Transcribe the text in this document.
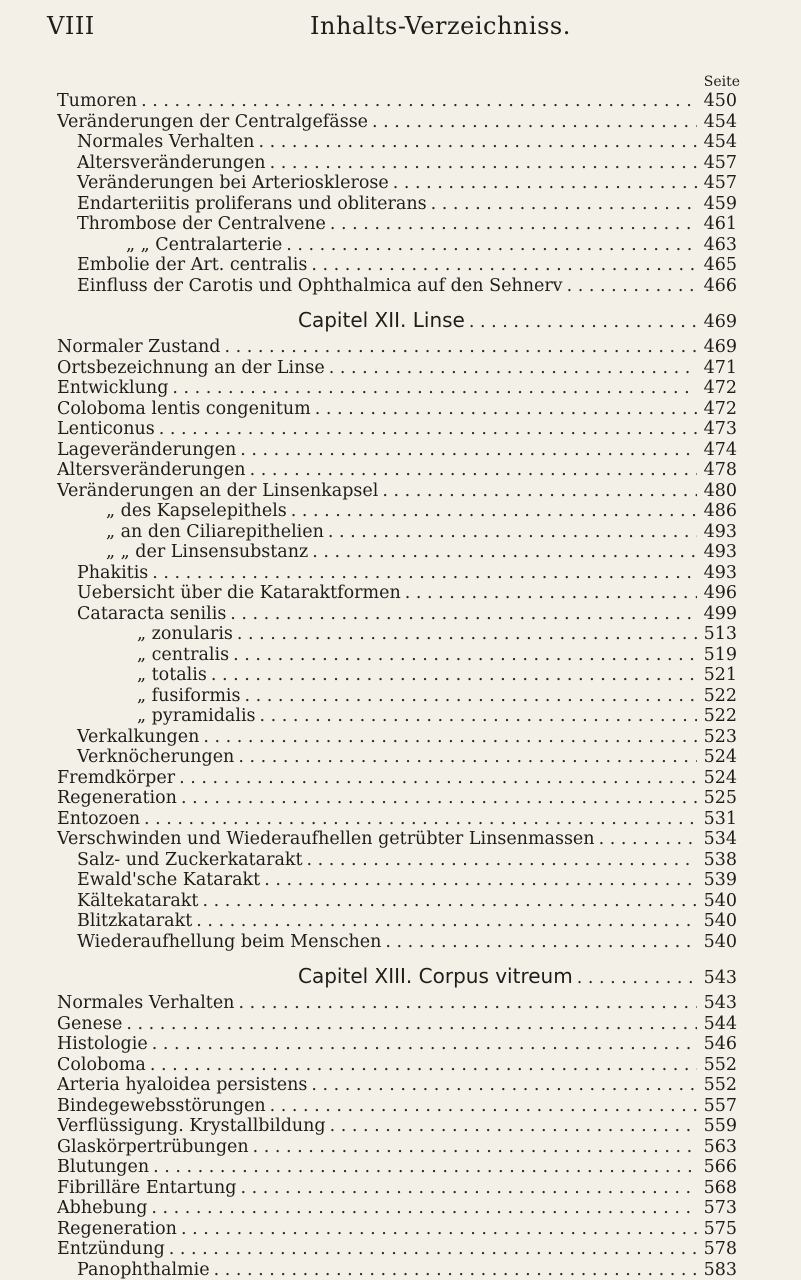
VIII	Inhalts-Verzeichniss.
Seite
Tumoren . . .	450
Veränderungen der Centralgefässe . . .	454
Normales Verhalten . . .	454
Altersveränderungen . . .	457
Veränderungen bei Arteriosklerose . . .	457
Endarteriitis proliferans und obliterans . . .	459
Thrombose der Centralvene . . .	461
„ „ Centralarterie . . .	463
Embolie der Art. centralis . . .	465
Einfluss der Carotis und Ophthalmica auf den Sehnerv . . .	466
Capitel XII. Linse . . .	469
Normaler Zustand . . .	469
Ortsbezeichnung an der Linse . . .	471
Entwicklung . . .	472
Coloboma lentis congenitum . . .	472
Lenticonus . . .	473
Lageveränderungen . . .	474
Altersveränderungen . . .	478
Veränderungen an der Linsenkapsel . . .	480
„ des Kapselepithels . . .	486
„ an den Ciliarepithelien . . .	493
„ „ der Linsensubstanz . . .	493
Phakitis . . .	493
Uebersicht über die Kataraktformen . . .	496
Cataracta senilis . . .	499
„ zonularis . . .	513
„ centralis . . .	519
„ totalis . . .	521
„ fusiformis . . .	522
„ pyramidalis . . .	522
Verkalkungen . . .	523
Verknöcherungen . . .	524
Fremdkörper . . .	524
Regeneration . . .	525
Entozoen . . .	531
Verschwinden und Wiederaufhellen getrübter Linsenmassen . . .	534
Salz- und Zuckerkatarakt . . .	538
Ewald'sche Katarakt . . .	539
Kältekatarakt . . .	540
Blitzkatarakt . . .	540
Wiederaufhellung beim Menschen . . .	540
Capitel XIII. Corpus vitreum . . .	543
Normales Verhalten . . .	543
Genese . . .	544
Histologie . . .	546
Coloboma . . .	552
Arteria hyaloidea persistens . . .	552
Bindegewebsstörungen . . .	557
Verflüssigung. Krystallbildung . . .	559
Glaskörpertrübungen . . .	563
Blutungen . . .	566
Fibrilläre Entartung . . .	568
Abhebung . . .	573
Regeneration . . .	575
Entzündung . . .	578
Panophthalmie . . .	583
